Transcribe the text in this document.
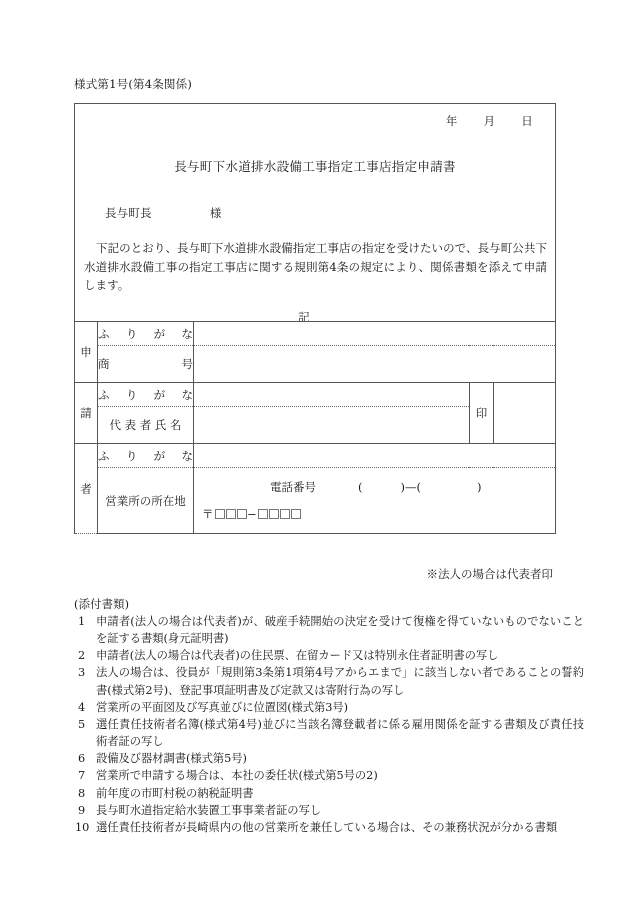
様式第1号(第4条関係)
年 月 日
長与町下水道排水設備工事指定工事店指定申請書
長与町長	様
下記のとおり、長与町下水道排水設備指定工事店の指定を受けたいので、長与町公共下水道排水設備工事の指定工事店に関する規則第4条の規定により、関係書類を添えて申請します。
記
申	ふ り が な			

	商 号			

請	ふ り が な		印	

	代 表 者 氏 名			

者	ふ り が な			

	営業所の所在地	〒 −
電話番号 ( )—( )		
※法人の場合は代表者印
(添付書類)
1 申請者(法人の場合は代表者)が、破産手続開始の決定を受けて復権を得ていないものでないことを証する書類(身元証明書)
2 申請者(法人の場合は代表者)の住民票、在留カード又は特別永住者証明書の写し
3 法人の場合は、役員が「規則第3条第1項第4号アからエまで」に該当しない者であることの誓約書(様式第2号)、登記事項証明書及び定款又は寄附行為の写し
4 営業所の平面図及び写真並びに位置図(様式第3号)
5 選任責任技術者名簿(様式第4号)並びに当該名簿登載者に係る雇用関係を証する書類及び責任技術者証の写し
6 設備及び器材調書(様式第5号)
7 営業所で申請する場合は、本社の委任状(様式第5号の2)
8 前年度の市町村税の納税証明書
9 長与町水道指定給水装置工事事業者証の写し
10 選任責任技術者が長崎県内の他の営業所を兼任している場合は、その兼務状況が分かる書類
